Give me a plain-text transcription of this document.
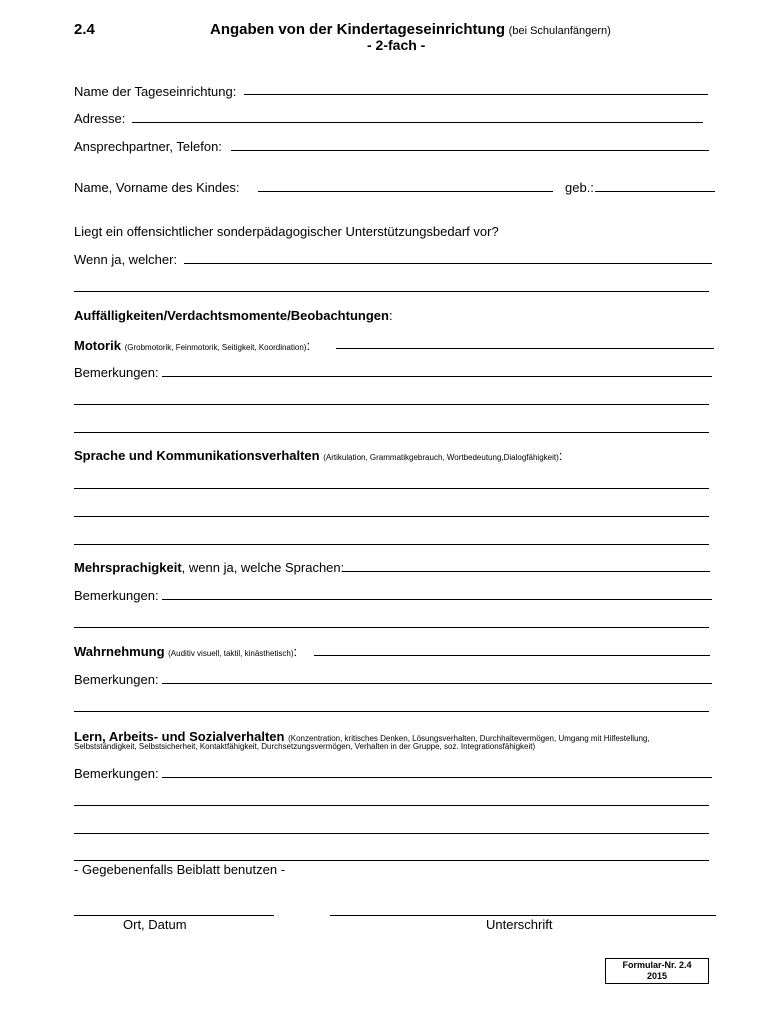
2.4	Angaben von der Kindertageseinrichtung (bei Schulanfängern)
- 2-fach -
Name der Tageseinrichtung:
Adresse:
Ansprechpartner, Telefon:
Name, Vorname des Kindes:	geb.:
Liegt ein offensichtlicher sonderpädagogischer Unterstützungsbedarf vor?
Wenn ja, welcher:
Auffälligkeiten/Verdachtsmomente/Beobachtungen:
Motorik (Grobmotorik, Feinmotorik, Seitigkeit, Koordination):
Bemerkungen:
Sprache und Kommunikationsverhalten (Artikulation, Grammatikgebrauch, Wortbedeutung,Dialogfähigkeit):
Mehrsprachigkeit, wenn ja, welche Sprachen:
Bemerkungen:
Wahrnehmung (Auditiv visuell, taktil, kinästhetisch):
Bemerkungen:
Lern, Arbeits- und Sozialverhalten (Konzentration, kritisches Denken, Lösungsverhalten, Durchhaltevermögen, Umgang mit Hilfestellung,
Selbstständigkeit, Selbstsicherheit, Kontaktfähigkeit, Durchsetzungsvermögen, Verhalten in der Gruppe, soz. Integrationsfähigkeit)
Bemerkungen:
- Gegebenenfalls Beiblatt benutzen -
Ort, Datum	Unterschrift
Formular-Nr. 2.4
2015
